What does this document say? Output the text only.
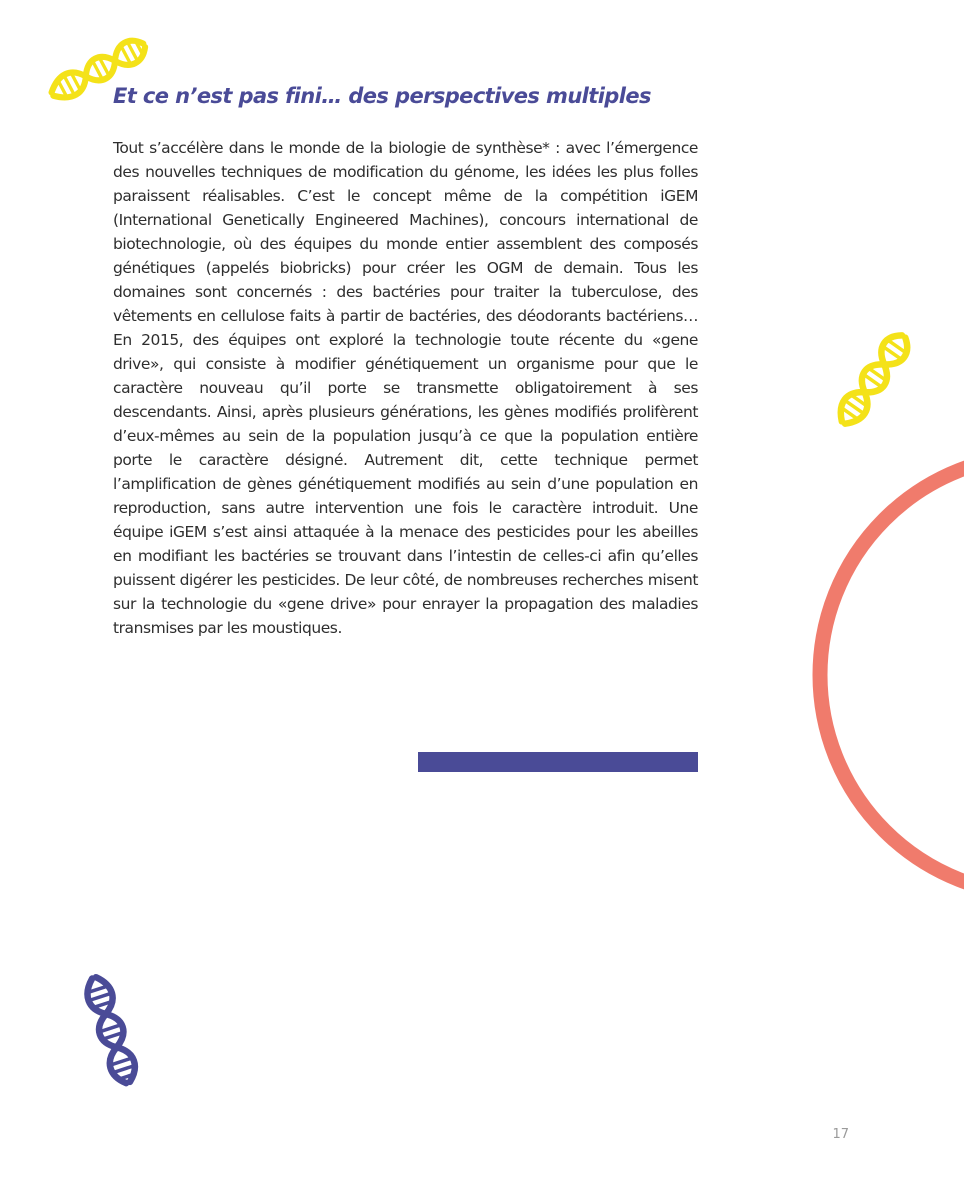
Et ce n’est pas fini… des perspectives multiples

Tout s’accélère dans le monde de la biologie de synthèse* : avec l’émergence des nouvelles techniques de modification du génome, les idées les plus folles paraissent réalisables. C’est le concept même de la compétition iGEM (International Genetically Engineered Machines), concours international de biotechnologie, où des équipes du monde entier assemblent des composés génétiques (appelés biobricks) pour créer les OGM de demain. Tous les domaines sont concernés : des bactéries pour traiter la tuberculose, des vêtements en cellulose faits à partir de bactéries, des déodorants bactériens… En 2015, des équipes ont exploré la technologie toute récente du «gene drive», qui consiste à modifier génétiquement un organisme pour que le caractère nouveau qu’il porte se transmette obligatoirement à ses descendants. Ainsi, après plusieurs générations, les gènes modifiés prolifèrent d’eux-mêmes au sein de la population jusqu’à ce que la population entière porte le caractère désigné. Autrement dit, cette technique permet l’amplification de gènes génétiquement modifiés au sein d’une population en reproduction, sans autre intervention une fois le caractère introduit. Une équipe iGEM s’est ainsi attaquée à la menace des pesticides pour les abeilles en modifiant les bactéries se trouvant dans l’intestin de celles-ci afin qu’elles puissent digérer les pesticides. De leur côté, de nombreuses recherches misent sur la technologie du «gene drive» pour enrayer la propagation des maladies transmises par les moustiques.

17
